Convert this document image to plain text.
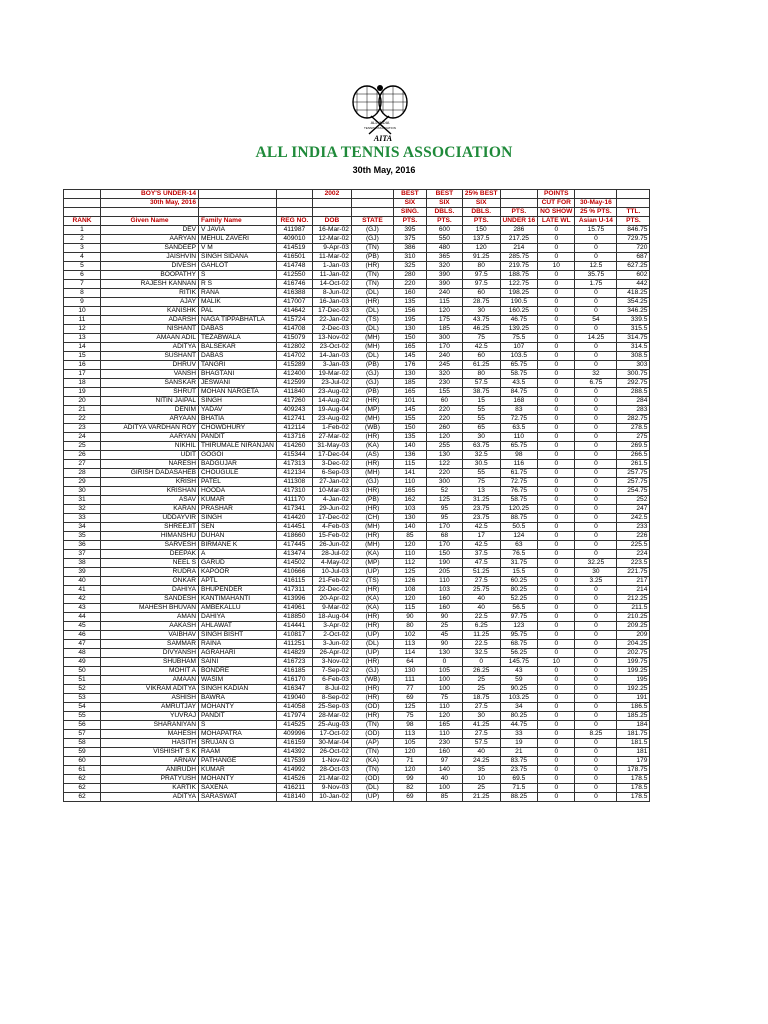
ALL INDIA
TENNIS ASSOCIATION
AITA
ALL INDIA TENNIS ASSOCIATION
30th May, 2016
	BOY'S UNDER-14			2002		BEST	BEST	25% BEST		POINTS		
	30th May, 2016					SIX	SIX	SIX		CUT FOR	30-May-16	
						SING.	DBLS.	DBLS.	PTS.	NO SHOW	25 % PTS.	TTL.
RANK	Given Name	Family Name	REG NO.	DOB	STATE	PTS.	PTS.	PTS.	UNDER 16	LATE WL	Asian U-14	PTS.
1	DEV	V JAVIA	411987	16-Mar-02	(GJ)	395	600	150	286	0	15.75	846.75
2	AARYAN	MEHUL ZAVERI	409010	12-Mar-02	(GJ)	375	550	137.5	217.25	0	0	729.75
3	SANDEEP	V M	414519	9-Apr-03	(TN)	386	480	120	214	0	0	720
4	JAISHVIN	SINGH SIDANA	416501	11-Mar-02	(PB)	310	365	91.25	285.75	0	0	687
5	DIVESH	GAHLOT	414748	1-Jan-03	(HR)	325	320	80	219.75	10	12.5	627.25
6	BOOPATHY	S	412550	11-Jan-02	(TN)	280	390	97.5	188.75	0	35.75	602
7	RAJESH KANNAN	R S	416746	14-Oct-02	(TN)	220	390	97.5	122.75	0	1.75	442
8	RITIK	RANA	416388	8-Jun-02	(DL)	160	240	60	198.25	0	0	418.25
9	AJAY	MALIK	417007	16-Jan-03	(HR)	135	115	28.75	190.5	0	0	354.25
10	KANISHK	PAL	414642	17-Dec-03	(DL)	156	120	30	160.25	0	0	346.25
11	ADARSH	NAGA TIPPABHATLA	415724	22-Jan-02	(TS)	195	175	43.75	46.75	0	54	339.5
12	NISHANT	DABAS	414708	2-Dec-03	(DL)	130	185	46.25	139.25	0	0	315.5
13	AMAAN ADIL	TEZABWALA	415079	13-Nov-02	(MH)	150	300	75	75.5	0	14.25	314.75
14	ADITYA	BALSEKAR	412802	23-Oct-02	(MH)	165	170	42.5	107	0	0	314.5
15	SUSHANT	DABAS	414702	14-Jan-03	(DL)	145	240	60	103.5	0	0	308.5
16	DHRUV	TANGRI	415289	3-Jan-03	(PB)	176	245	61.25	65.75	0	0	303
17	VANSH	BHAGTANI	412400	19-Mar-02	(GJ)	130	320	80	58.75	0	32	300.75
18	SANSKAR	JESWANI	412599	23-Jul-02	(GJ)	185	230	57.5	43.5	0	6.75	292.75
19	SHRUT	MOHAN NARGETA	411840	23-Aug-02	(PB)	165	155	38.75	84.75	0	0	288.5
20	NITIN JAIPAL	SINGH	417260	14-Aug-02	(HR)	101	60	15	168	0	0	284
21	DENIM	YADAV	409243	19-Aug-04	(MP)	145	220	55	83	0	0	283
22	ARYAAN	BHATIA	412741	23-Aug-02	(MH)	155	220	55	72.75	0	0	282.75
23	ADITYA VARDHAN ROY	CHOWDHURY	412114	1-Feb-02	(WB)	150	260	65	63.5	0	0	278.5
24	AARYAN	PANDIT	413716	27-Mar-02	(HR)	135	120	30	110	0	0	275
25	NIKHIL	THIRUMALE NIRANJAN	414260	31-May-03	(KA)	140	255	63.75	65.75	0	0	269.5
26	UDIT	GOGOI	415344	17-Dec-04	(AS)	136	130	32.5	98	0	0	266.5
27	NARESH	BADGUJAR	417313	3-Dec-02	(HR)	115	122	30.5	116	0	0	261.5
28	GIRISH DADASAHEB	CHOUGULE	412134	6-Sep-03	(MH)	141	220	55	61.75	0	0	257.75
29	KRISH	PATEL	411308	27-Jan-02	(GJ)	110	300	75	72.75	0	0	257.75
30	KRISHAN	HOODA	417310	10-Mar-03	(HR)	165	52	13	76.75	0	0	254.75
31	ASAV	KUMAR	411170	4-Jan-02	(PB)	162	125	31.25	58.75	0	0	252
32	KARAN	PRASHAR	417341	29-Jun-02	(HR)	103	95	23.75	120.25	0	0	247
33	UDDAYVIR	SINGH	414420	17-Dec-02	(CH)	130	95	23.75	88.75	0	0	242.5
34	SHREEJIT	SEN	414451	4-Feb-03	(MH)	140	170	42.5	50.5	0	0	233
35	HIMANSHU	DUHAN	418660	15-Feb-02	(HR)	85	68	17	124	0	0	226
36	SARVESH	BIRMANE K	417445	26-Jun-02	(MH)	120	170	42.5	63	0	0	225.5
37	DEEPAK	A	413474	28-Jul-02	(KA)	110	150	37.5	76.5	0	0	224
38	NEEL S	GARUD	414502	4-May-02	(MP)	112	190	47.5	31.75	0	32.25	223.5
39	RUDRA	KAPOOR	410666	10-Jul-03	(UP)	125	205	51.25	15.5	0	30	221.75
40	ONKAR	APTL	416115	21-Feb-02	(TS)	126	110	27.5	60.25	0	3.25	217
41	DAHIYA	BHUPENDER	417311	22-Dec-02	(HR)	108	103	25.75	80.25	0	0	214
42	SANDESH	KANTIMAHANTI	413996	20-Apr-02	(KA)	120	160	40	52.25	0	0	212.25
43	MAHESH BHUVAN	AMBEKALLU	414961	9-Mar-02	(KA)	115	160	40	56.5	0	0	211.5
44	AMAN	DAHIYA	418850	18-Aug-04	(HR)	90	90	22.5	97.75	0	0	210.25
45	AAKASH	AHLAWAT	414441	3-Apr-02	(HR)	80	25	6.25	123	0	0	209.25
46	VAIBHAV	SINGH BISHT	410817	2-Oct-02	(UP)	102	45	11.25	95.75	0	0	209
47	SAMMAR	RAINA	411251	3-Jun-02	(DL)	113	90	22.5	68.75	0	0	204.25
48	DIVYANSH	AGRAHARI	414829	26-Apr-02	(UP)	114	130	32.5	56.25	0	0	202.75
49	SHUBHAM	SAINI	416723	3-Nov-02	(HR)	64	0	0	145.75	10	0	199.75
50	MOHIT A	BONDRE	416185	7-Sep-02	(GJ)	130	105	26.25	43	0	0	199.25
51	AMAAN	WASIM	416170	6-Feb-03	(WB)	111	100	25	59	0	0	195
52	VIKRAM ADITYA	SINGH KADIAN	416347	8-Jul-02	(HR)	77	100	25	90.25	0	0	192.25
53	ASHISH	BAWRA	419040	8-Sep-02	(HR)	69	75	18.75	103.25	0	0	191
54	AMRUTJAY	MOHANTY	414058	25-Sep-03	(OD)	125	110	27.5	34	0	0	186.5
55	YUVRAJ	PANDIT	417974	28-Mar-02	(HR)	75	120	30	80.25	0	0	185.25
56	SHARANIYAN	S	414525	25-Aug-03	(TN)	98	165	41.25	44.75	0	0	184
57	MAHESH	MOHAPATRA	409996	17-Oct-02	(OD)	113	110	27.5	33	0	8.25	181.75
58	HASITH	SRUJAN G	416159	30-Mar-04	(AP)	105	230	57.5	19	0	0	181.5
59	VISHISHT S K	RAAM	414392	26-Oct-02	(TN)	120	160	40	21	0	0	181
60	ARNAV	PATHANGE	417539	1-Nov-02	(KA)	71	97	24.25	83.75	0	0	179
61	ANIRUDH	KUMAR	414992	28-Oct-03	(TN)	120	140	35	23.75	0	0	178.75
62	PRATYUSH	MOHANTY	414526	21-Mar-02	(OD)	99	40	10	69.5	0	0	178.5
62	KARTIK	SAXENA	416211	9-Nov-03	(DL)	82	100	25	71.5	0	0	178.5
62	ADITYA	SARASWAT	418140	10-Jan-02	(UP)	69	85	21.25	88.25	0	0	178.5
